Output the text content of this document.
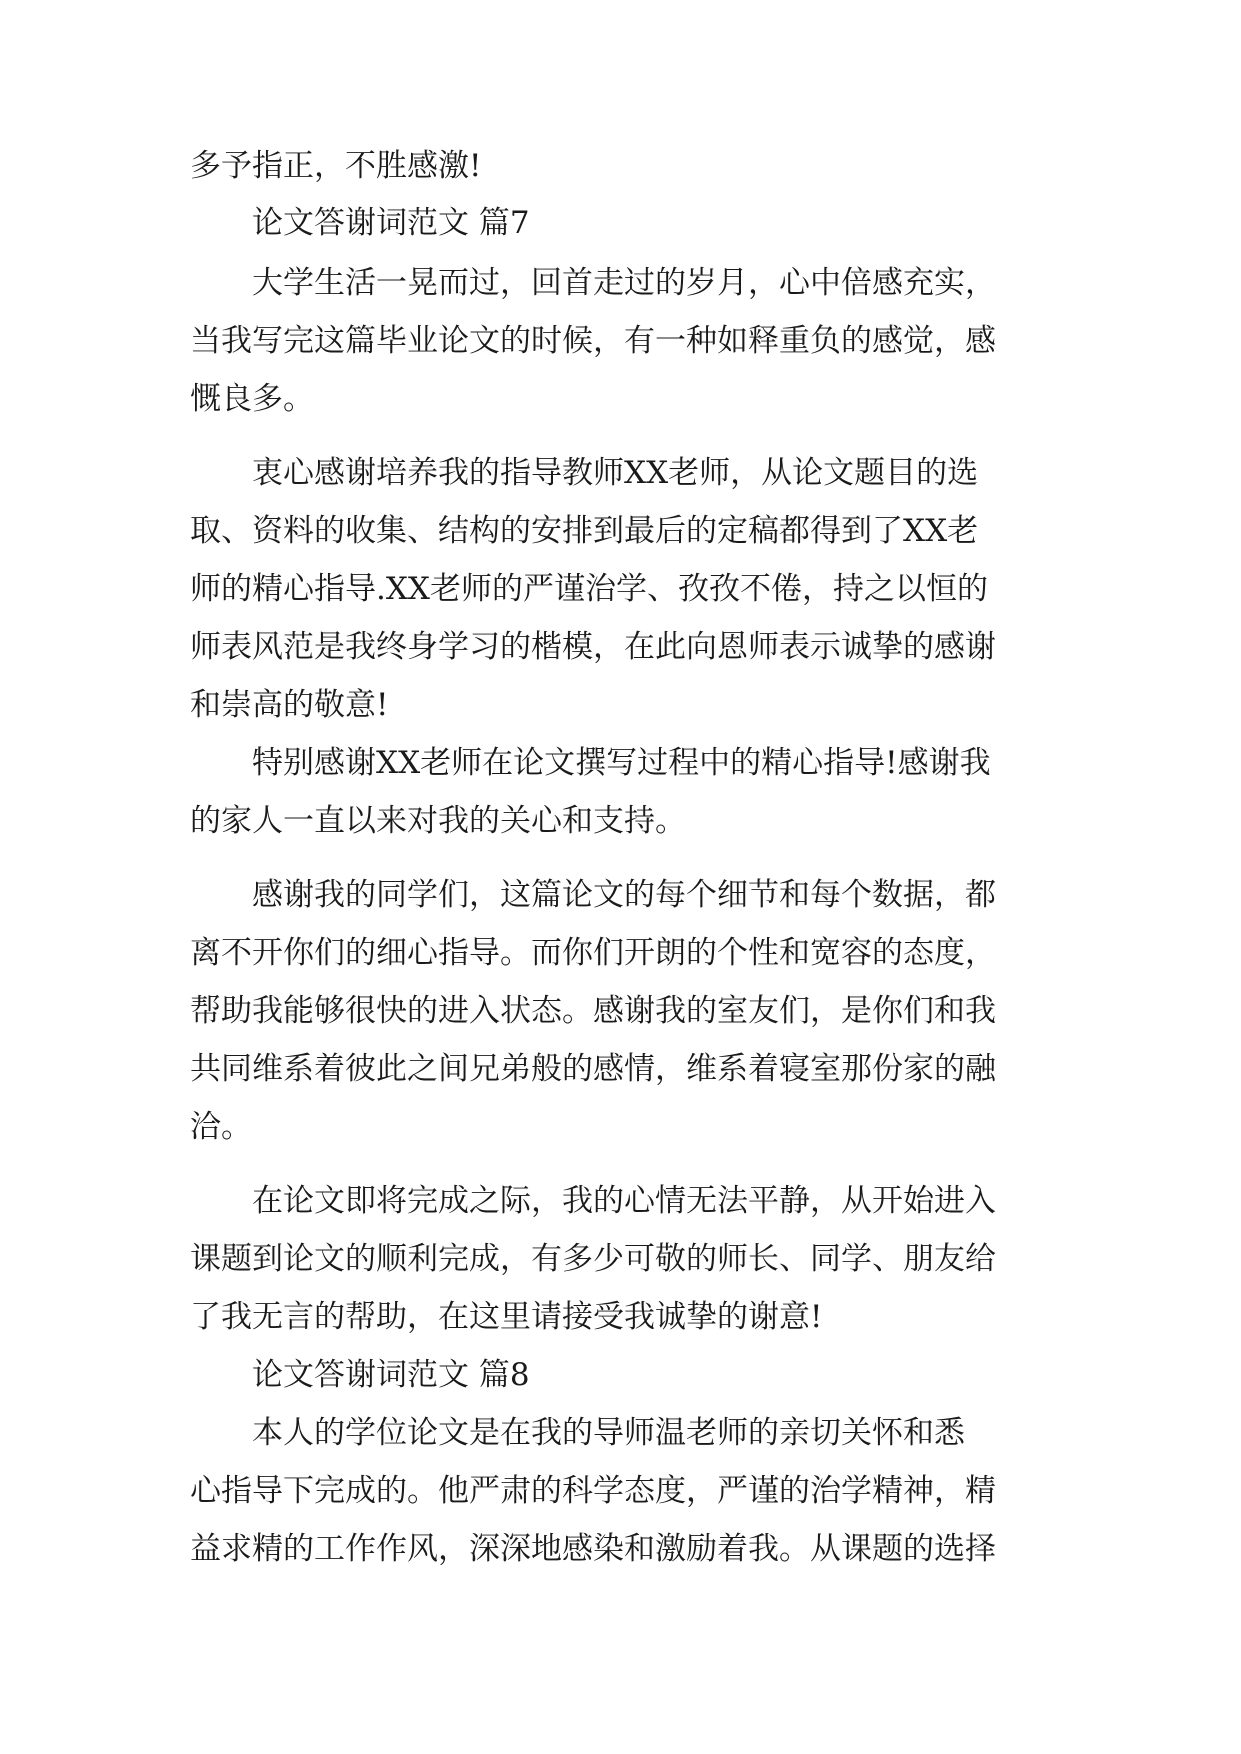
多予指正，不胜感激!
论文答谢词范文 篇7
大学生活一晃而过，回首走过的岁月，心中倍感充实，
当我写完这篇毕业论文的时候，有一种如释重负的感觉，感
慨良多。
衷心感谢培养我的指导教师XX老师，从论文题目的选
取、资料的收集、结构的安排到最后的定稿都得到了XX老
师的精心指导.XX老师的严谨治学、孜孜不倦，持之以恒的
师表风范是我终身学习的楷模，在此向恩师表示诚挚的感谢
和崇高的敬意!
特别感谢XX老师在论文撰写过程中的精心指导!感谢我
的家人一直以来对我的关心和支持。
感谢我的同学们，这篇论文的每个细节和每个数据，都
离不开你们的细心指导。而你们开朗的个性和宽容的态度，
帮助我能够很快的进入状态。感谢我的室友们，是你们和我
共同维系着彼此之间兄弟般的感情，维系着寝室那份家的融
洽。
在论文即将完成之际，我的心情无法平静，从开始进入
课题到论文的顺利完成，有多少可敬的师长、同学、朋友给
了我无言的帮助，在这里请接受我诚挚的谢意!
论文答谢词范文 篇8
本人的学位论文是在我的导师温老师的亲切关怀和悉
心指导下完成的。他严肃的科学态度，严谨的治学精神，精
益求精的工作作风，深深地感染和激励着我。从课题的选择
